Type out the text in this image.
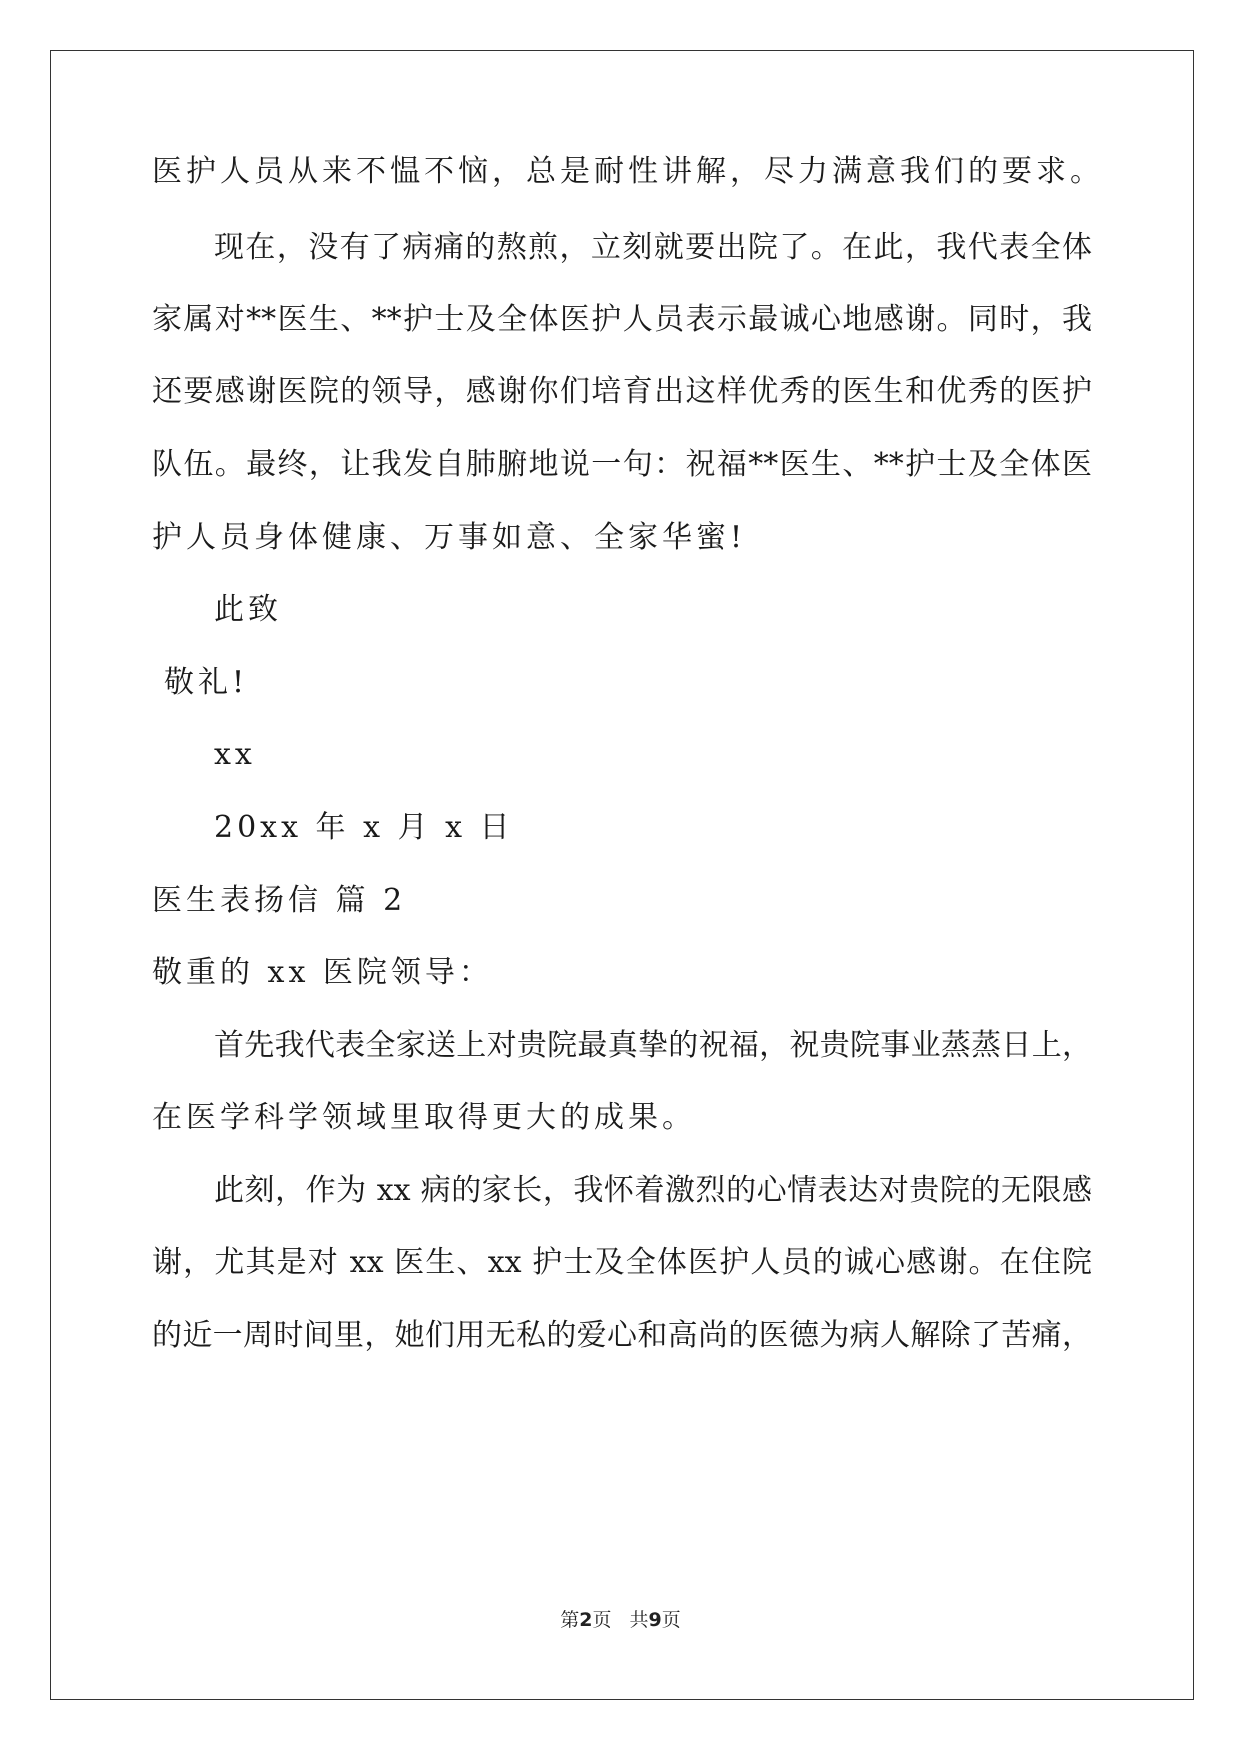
医护人员从来不愠不恼，总是耐性讲解，尽力满意我们的要求。
现在，没有了病痛的熬煎，立刻就要出院了。在此，我代表全体
家属对**医生、**护士及全体医护人员表示最诚心地感谢。同时，我
还要感谢医院的领导，感谢你们培育出这样优秀的医生和优秀的医护
队伍。最终，让我发自肺腑地说一句：祝福**医生、**护士及全体医
护人员身体健康、万事如意、全家华蜜!
此致
敬礼!
xx
20xx 年 x 月 x 日
医生表扬信 篇 2
敬重的 xx 医院领导：
首先我代表全家送上对贵院最真挚的祝福，祝贵院事业蒸蒸日上，
在医学科学领域里取得更大的成果。
此刻，作为 xx 病的家长，我怀着激烈的心情表达对贵院的无限感
谢，尤其是对 xx 医生、xx 护士及全体医护人员的诚心感谢。在住院
的近一周时间里，她们用无私的爱心和高尚的医德为病人解除了苦痛，
第2页 共9页
